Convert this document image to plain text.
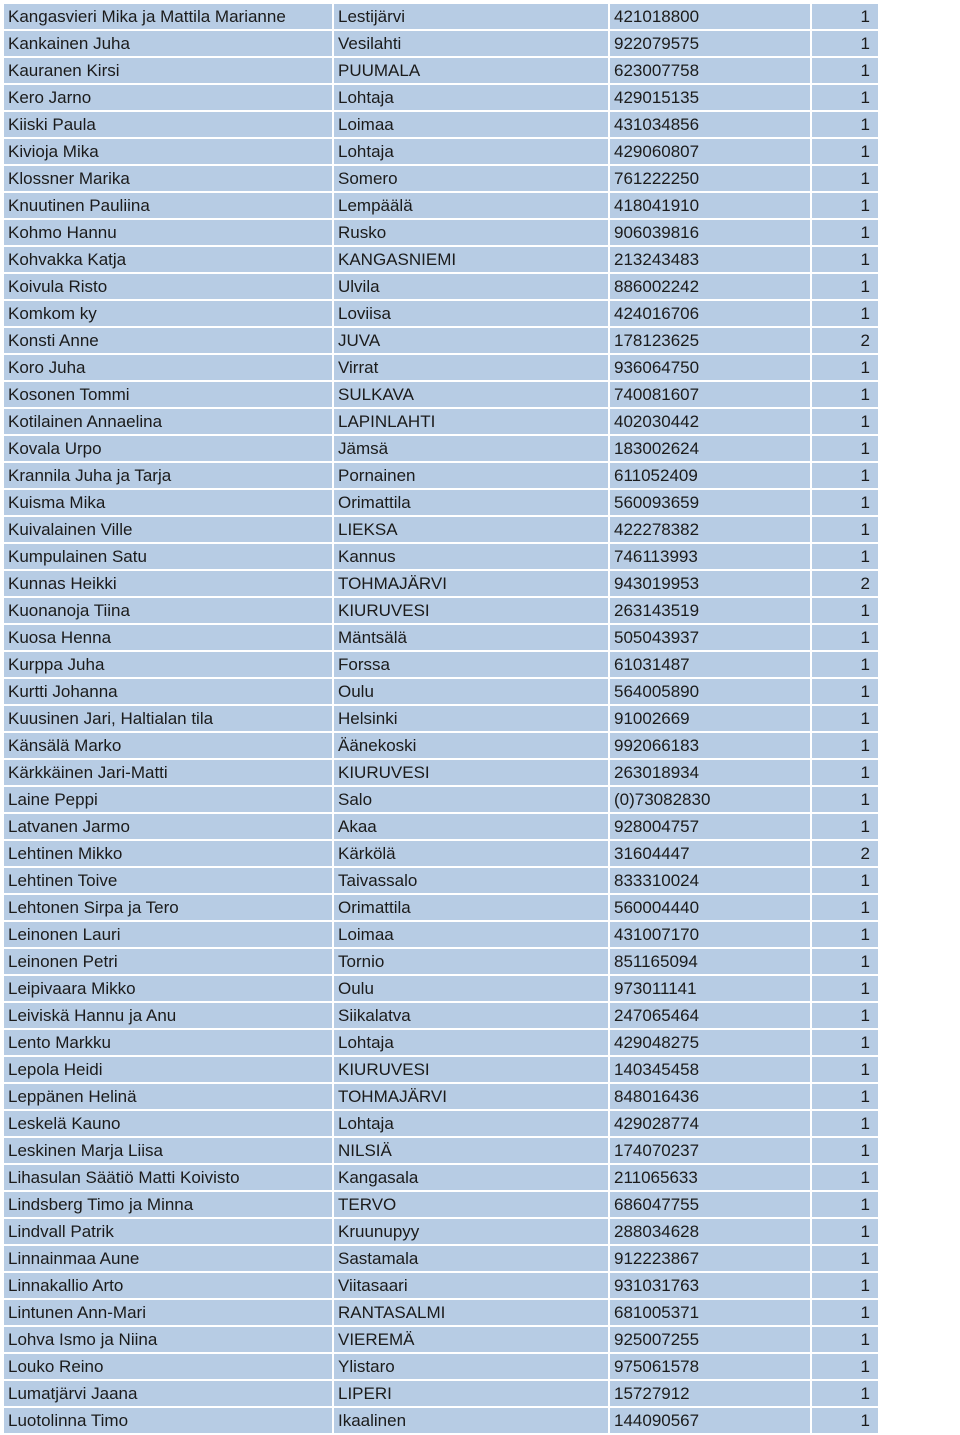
Kangasvieri Mika ja Mattila Marianne	Lestijärvi	421018800	1
Kankainen Juha	Vesilahti	922079575	1
Kauranen Kirsi	PUUMALA	623007758	1
Kero Jarno	Lohtaja	429015135	1
Kiiski Paula	Loimaa	431034856	1
Kivioja Mika	Lohtaja	429060807	1
Klossner Marika	Somero	761222250	1
Knuutinen Pauliina	Lempäälä	418041910	1
Kohmo Hannu	Rusko	906039816	1
Kohvakka Katja	KANGASNIEMI	213243483	1
Koivula Risto	Ulvila	886002242	1
Komkom ky	Loviisa	424016706	1
Konsti Anne	JUVA	178123625	2
Koro Juha	Virrat	936064750	1
Kosonen Tommi	SULKAVA	740081607	1
Kotilainen Annaelina	LAPINLAHTI	402030442	1
Kovala Urpo	Jämsä	183002624	1
Krannila Juha ja Tarja	Pornainen	611052409	1
Kuisma Mika	Orimattila	560093659	1
Kuivalainen Ville	LIEKSA	422278382	1
Kumpulainen Satu	Kannus	746113993	1
Kunnas Heikki	TOHMAJÄRVI	943019953	2
Kuonanoja Tiina	KIURUVESI	263143519	1
Kuosa Henna	Mäntsälä	505043937	1
Kurppa Juha	Forssa	61031487	1
Kurtti Johanna	Oulu	564005890	1
Kuusinen Jari, Haltialan tila	Helsinki	91002669	1
Känsälä Marko	Äänekoski	992066183	1
Kärkkäinen Jari-Matti	KIURUVESI	263018934	1
Laine Peppi	Salo	(0)73082830	1
Latvanen Jarmo	Akaa	928004757	1
Lehtinen Mikko	Kärkölä	31604447	2
Lehtinen Toive	Taivassalo	833310024	1
Lehtonen Sirpa ja Tero	Orimattila	560004440	1
Leinonen Lauri	Loimaa	431007170	1
Leinonen Petri	Tornio	851165094	1
Leipivaara Mikko	Oulu	973011141	1
Leiviskä Hannu ja Anu	Siikalatva	247065464	1
Lento Markku	Lohtaja	429048275	1
Lepola Heidi	KIURUVESI	140345458	1
Leppänen Helinä	TOHMAJÄRVI	848016436	1
Leskelä Kauno	Lohtaja	429028774	1
Leskinen Marja Liisa	NILSIÄ	174070237	1
Lihasulan Säätiö Matti Koivisto	Kangasala	211065633	1
Lindsberg Timo ja Minna	TERVO	686047755	1
Lindvall Patrik	Kruunupyy	288034628	1
Linnainmaa Aune	Sastamala	912223867	1
Linnakallio Arto	Viitasaari	931031763	1
Lintunen Ann-Mari	RANTASALMI	681005371	1
Lohva Ismo ja Niina	VIEREMÄ	925007255	1
Louko Reino	Ylistaro	975061578	1
Lumatjärvi Jaana	LIPERI	15727912	1
Luotolinna Timo	Ikaalinen	144090567	1
